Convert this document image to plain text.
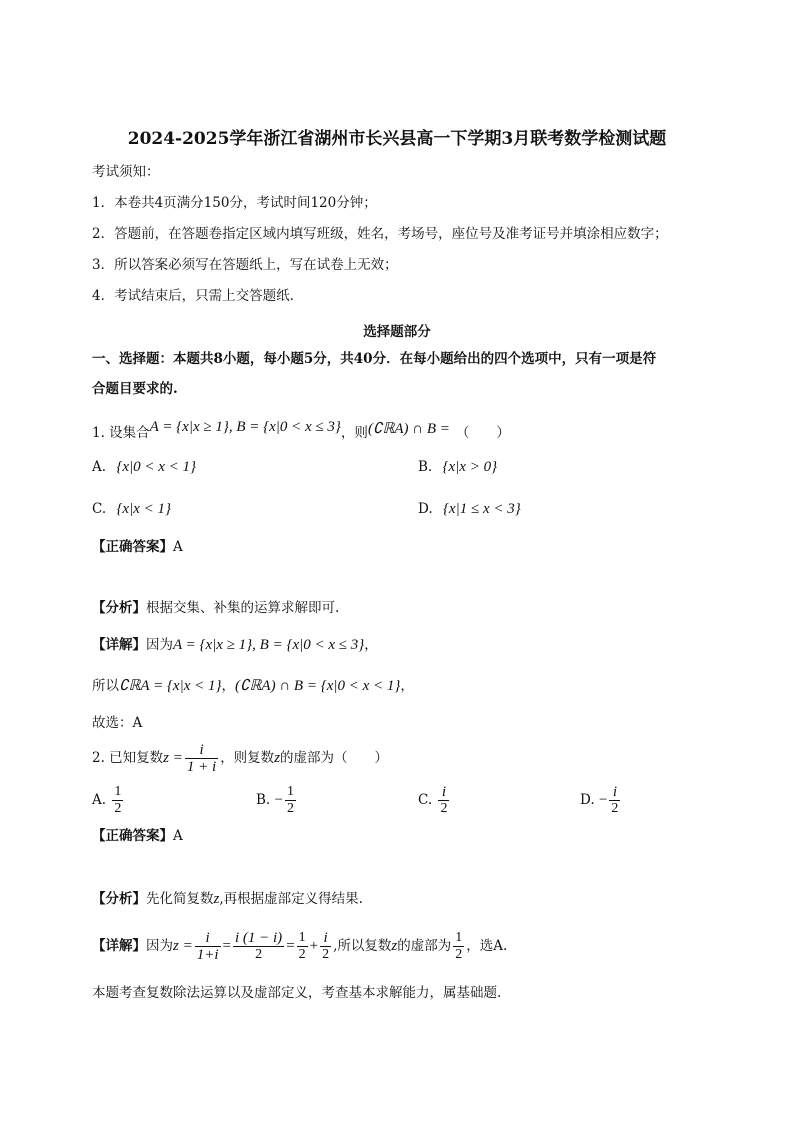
2024-2025学年浙江省湖州市长兴县高一下学期3月联考数学检测试题
考试须知：
1．本卷共4页满分150分，考试时间120分钟；
2．答题前，在答题卷指定区域内填写班级，姓名，考场号，座位号及准考证号并填涂相应数字；
3．所以答案必须写在答题纸上，写在试卷上无效；
4．考试结束后，只需上交答题纸.
选择题部分
一、选择题：本题共8小题，每小题5分，共40分．在每小题给出的四个选项中，只有一项是符
合题目要求的.
1. 设集合A = {x|x ≥ 1}, B = {x|0 < x ≤ 3}，则(∁ℝA) ∩ B = （　　）
A. {x|0 < x < 1}	B. {x|x > 0}
C. {x|x < 1}	D. {x|1 ≤ x < 3}
【正确答案】A
【分析】根据交集、补集的运算求解即可.
【详解】因为A = {x|x ≥ 1}, B = {x|0 < x ≤ 3}，
所以∁ℝA = {x|x < 1}，(∁ℝA) ∩ B = {x|0 < x < 1}，
故选：A
2. 已知复数$z = \frac{i}{1 + i}$ ，则复数z的虚部为（　　）
A. $\frac{1}{2}$	B. − $\frac{1}{2}$	C. $\frac{i}{2}$	D. − $\frac{i}{2}$
【正确答案】A
【分析】先化简复数z,再根据虚部定义得结果.
【详解】因为$z = \frac{i}{1+i} = \frac{i (1 - i)}{2} = \frac{1}{2} + \frac{i}{2}$ ,所以复数z的虚部为 $\frac{1}{2}$ ，选A.
本题考查复数除法运算以及虚部定义，考查基本求解能力，属基础题.
